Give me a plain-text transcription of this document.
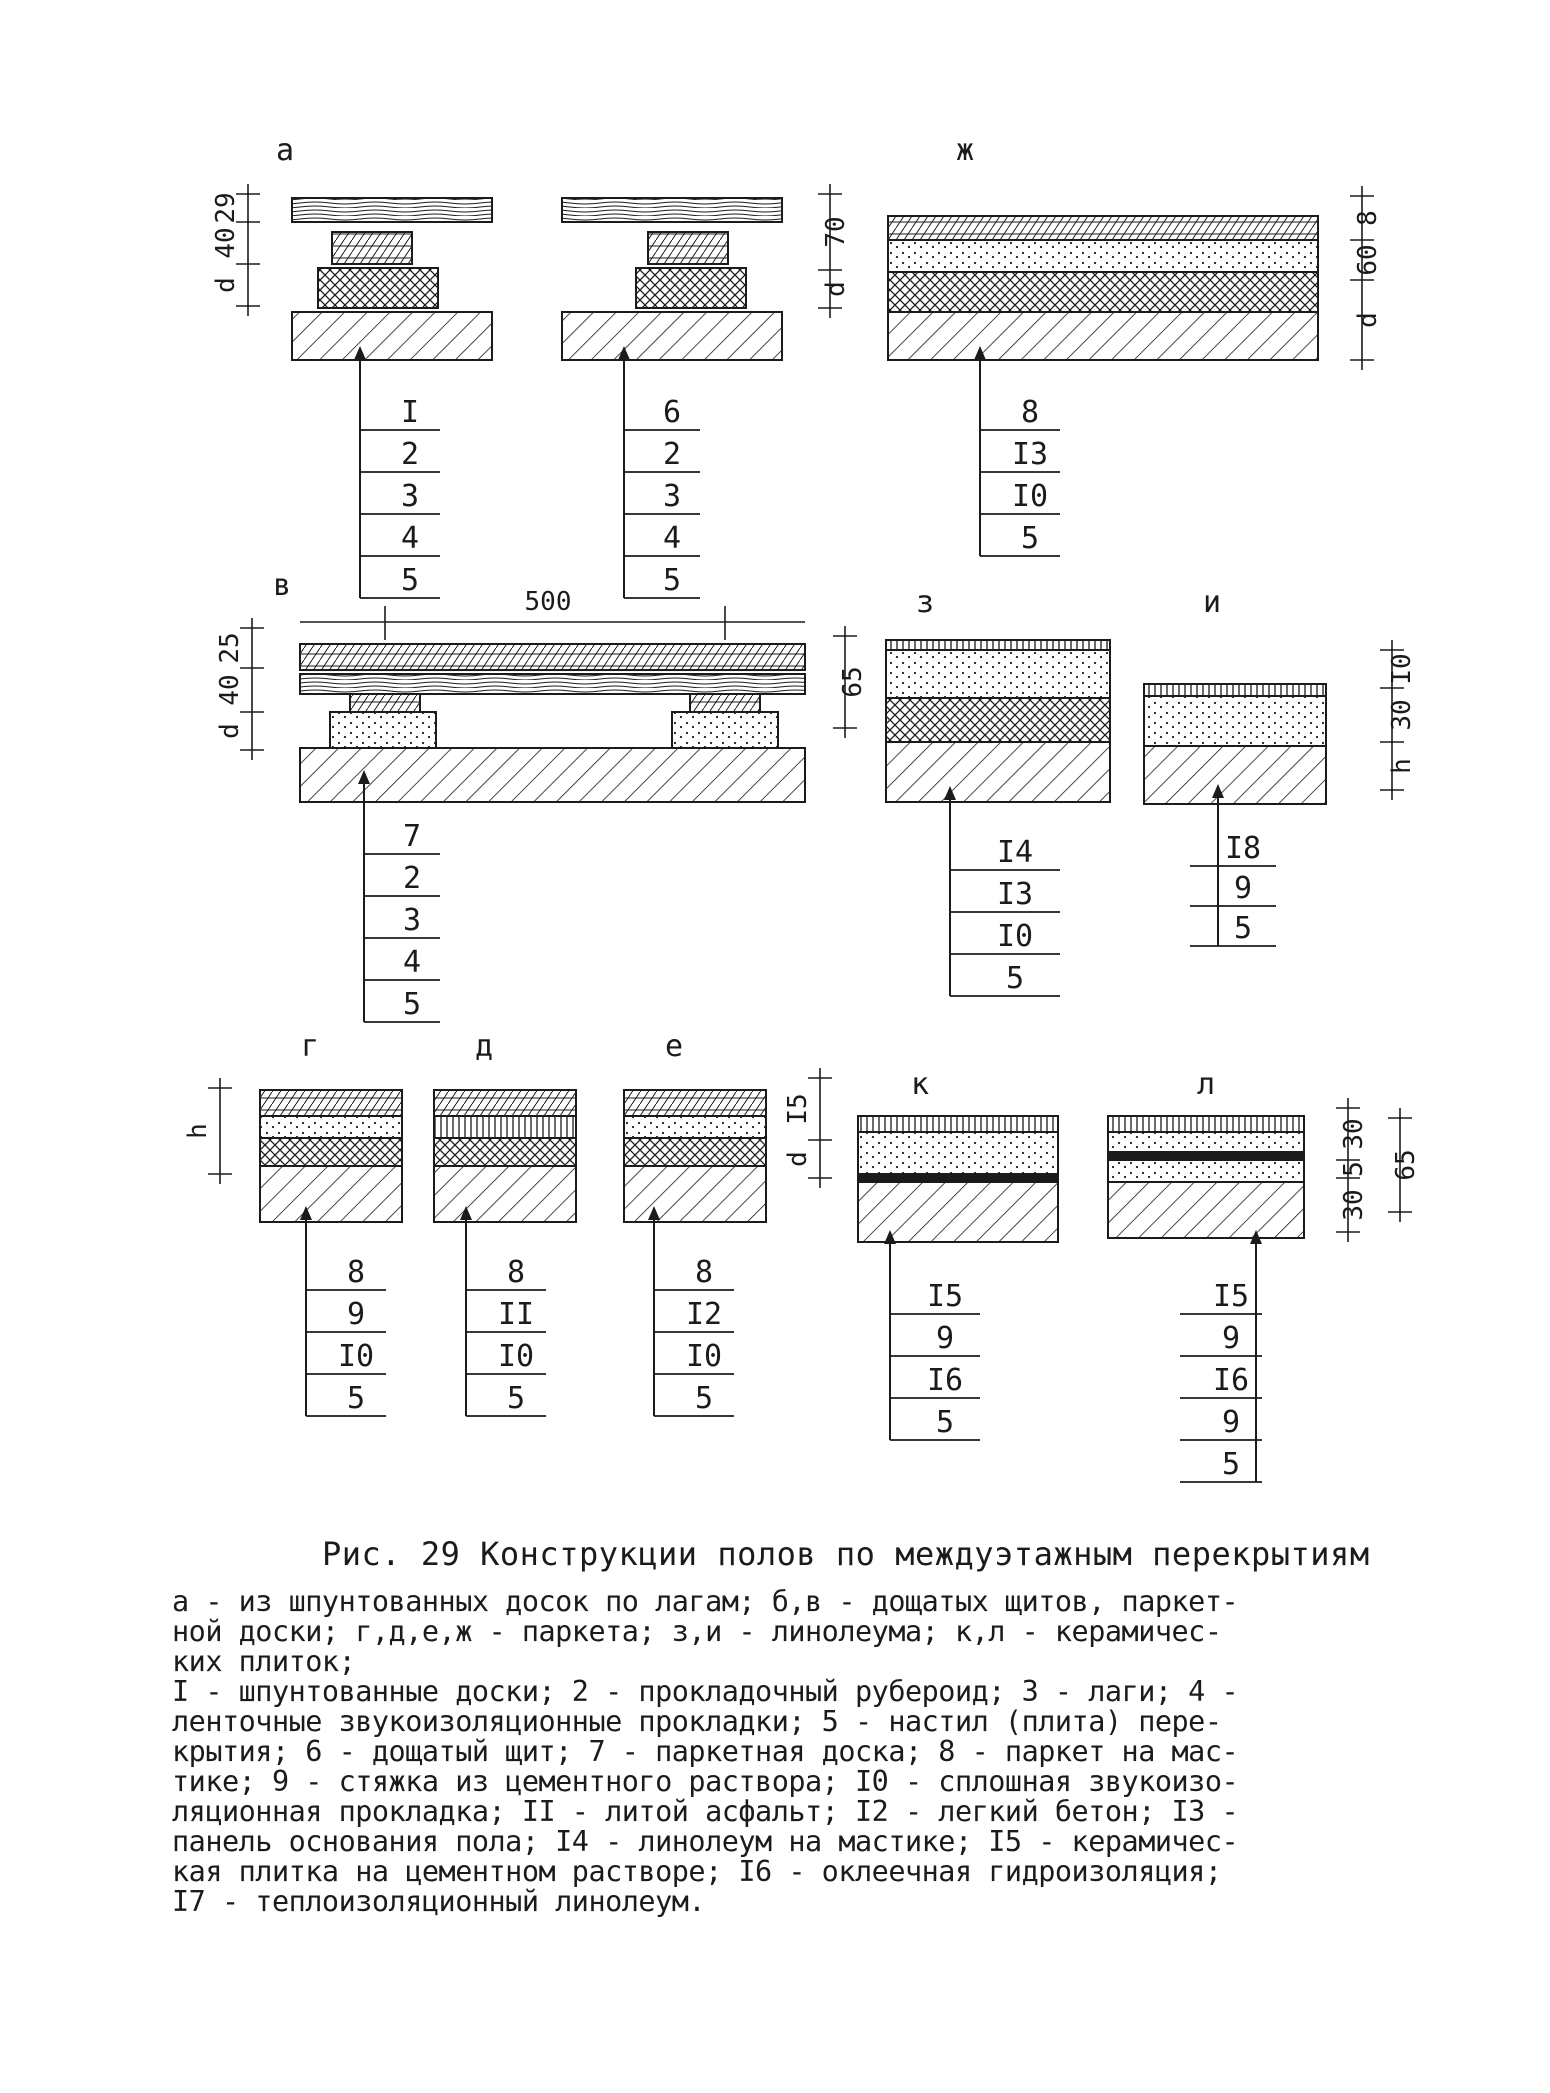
а
29
40
d
I
2
3
4
5
70
d
6
2
3
4
5
ж
8
60
d
8
I3
I0
5
в	500
25
40
d
65
7
2
3
4
5
з
I4
I3
I0
5
и
I0
30
h
I8
9
5
г
8
9
I0
5
h
д
8
II
I0
5
е
8
I2
I0
5
к
I5
d
I5
9
I6
5
л
30
5
30
65
I5
9
I6
9
5
Рис. 29 Конструкции полов по междуэтажным перекрытиям

а - из шпунтованных досок по лагам; б,в - дощатых щитов, паркет-

ной доски; г,д,е,ж - паркета; з,и - линолеума; к,л - керамичес-

ких плиток;

I - шпунтованные доски; 2 - прокладочный рубероид; 3 - лаги; 4 -

ленточные звукоизоляционные прокладки; 5 - настил (плита) пере-

крытия; 6 - дощатый щит; 7 - паркетная доска; 8 - паркет на мас-

тике; 9 - стяжка из цементного раствора; I0 - сплошная звукоизо-

ляционная прокладка; II - литой асфальт; I2 - легкий бетон; I3 -

панель основания пола; I4 - линолеум на мастике; I5 - керамичес-

кая плитка на цементном растворе; I6 - оклеечная гидроизоляция;

I7 - теплоизоляционный линолеум.
